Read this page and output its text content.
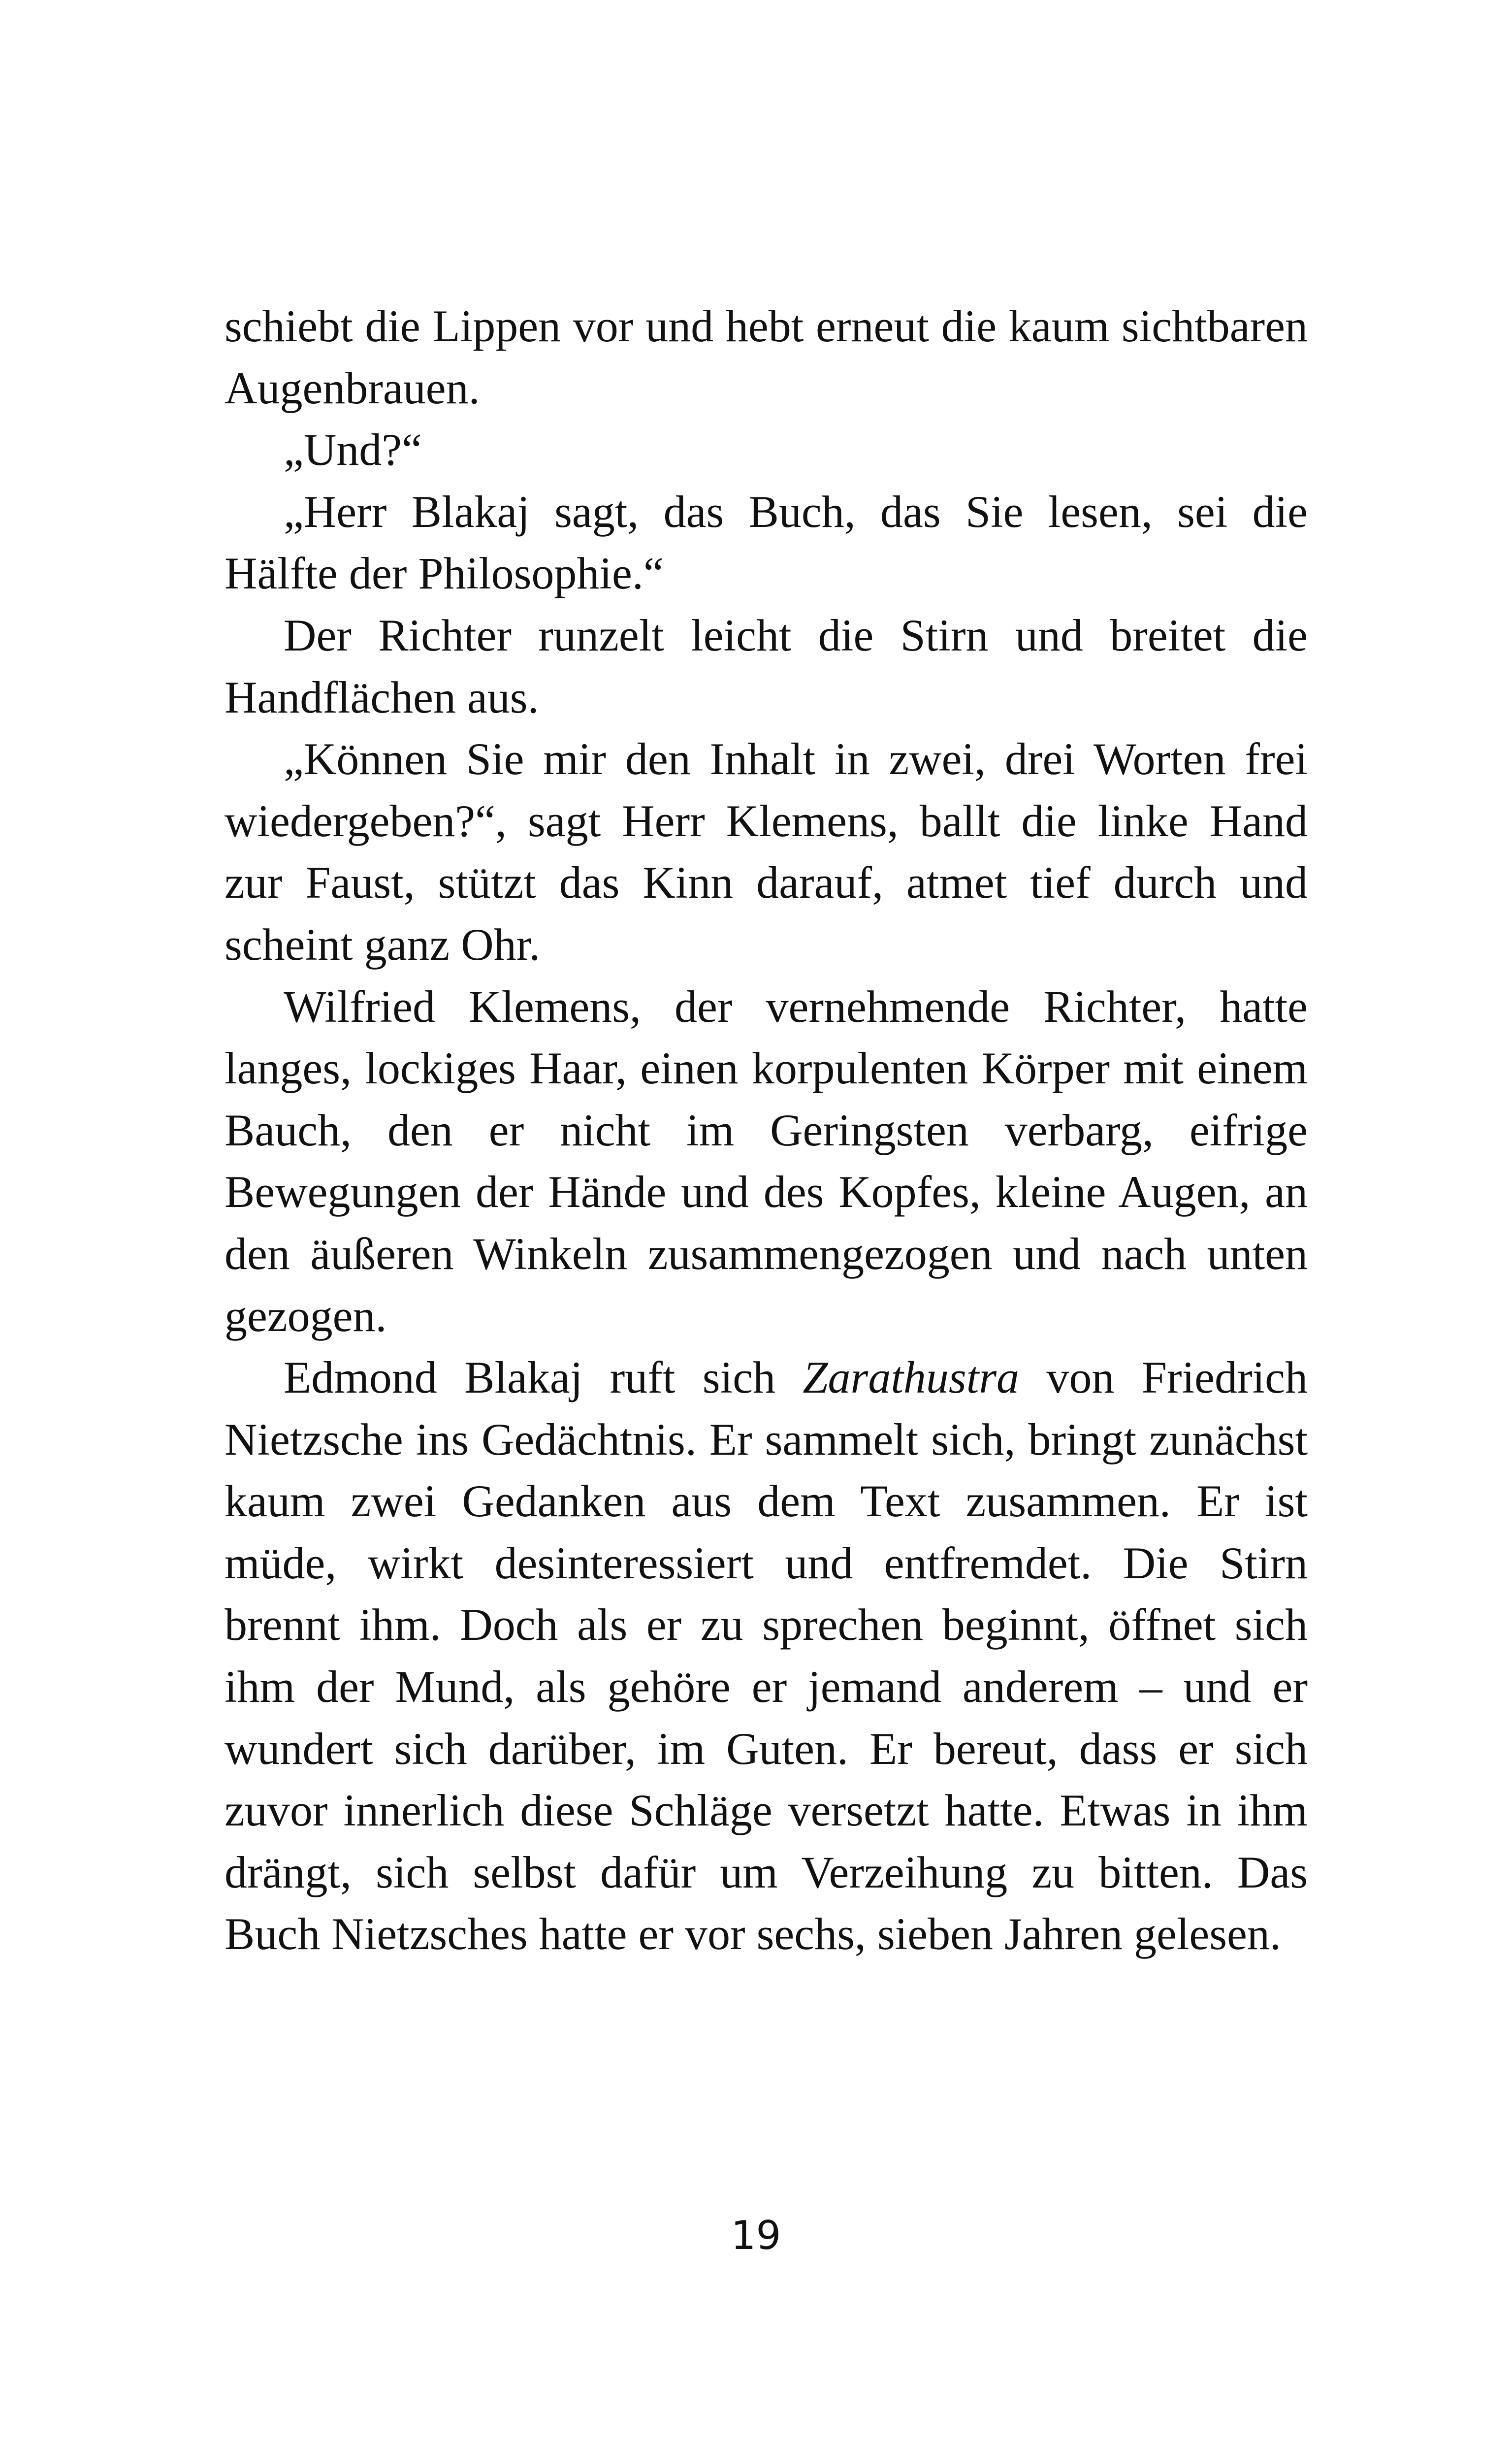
schiebt die Lippen vor und hebt erneut die kaum sichtbaren Augenbrauen.

„Und?“

„Herr Blakaj sagt, das Buch, das Sie lesen, sei die Hälfte der Philosophie.“

Der Richter runzelt leicht die Stirn und breitet die Handflächen aus.

„Können Sie mir den Inhalt in zwei, drei Worten frei wiedergeben?“, sagt Herr Klemens, ballt die linke Hand zur Faust, stützt das Kinn darauf, atmet tief durch und scheint ganz Ohr.

Wilfried Klemens, der vernehmende Richter, hatte langes, lockiges Haar, einen korpulenten Körper mit einem Bauch, den er nicht im Geringsten verbarg, eifrige Bewegungen der Hände und des Kopfes, kleine Augen, an den äußeren Winkeln zusammengezogen und nach unten gezogen.

Edmond Blakaj ruft sich Zarathustra von Friedrich Nietzsche ins Gedächtnis. Er sammelt sich, bringt zunächst kaum zwei Gedanken aus dem Text zusammen. Er ist müde, wirkt desinteressiert und entfremdet. Die Stirn brennt ihm. Doch als er zu sprechen beginnt, öffnet sich ihm der Mund, als gehöre er jemand anderem – und er wundert sich darüber, im Guten. Er bereut, dass er sich zuvor innerlich diese Schläge versetzt hatte. Etwas in ihm drängt, sich selbst dafür um Verzeihung zu bitten. Das Buch Nietzsches hatte er vor sechs, sieben Jahren gelesen.

19
